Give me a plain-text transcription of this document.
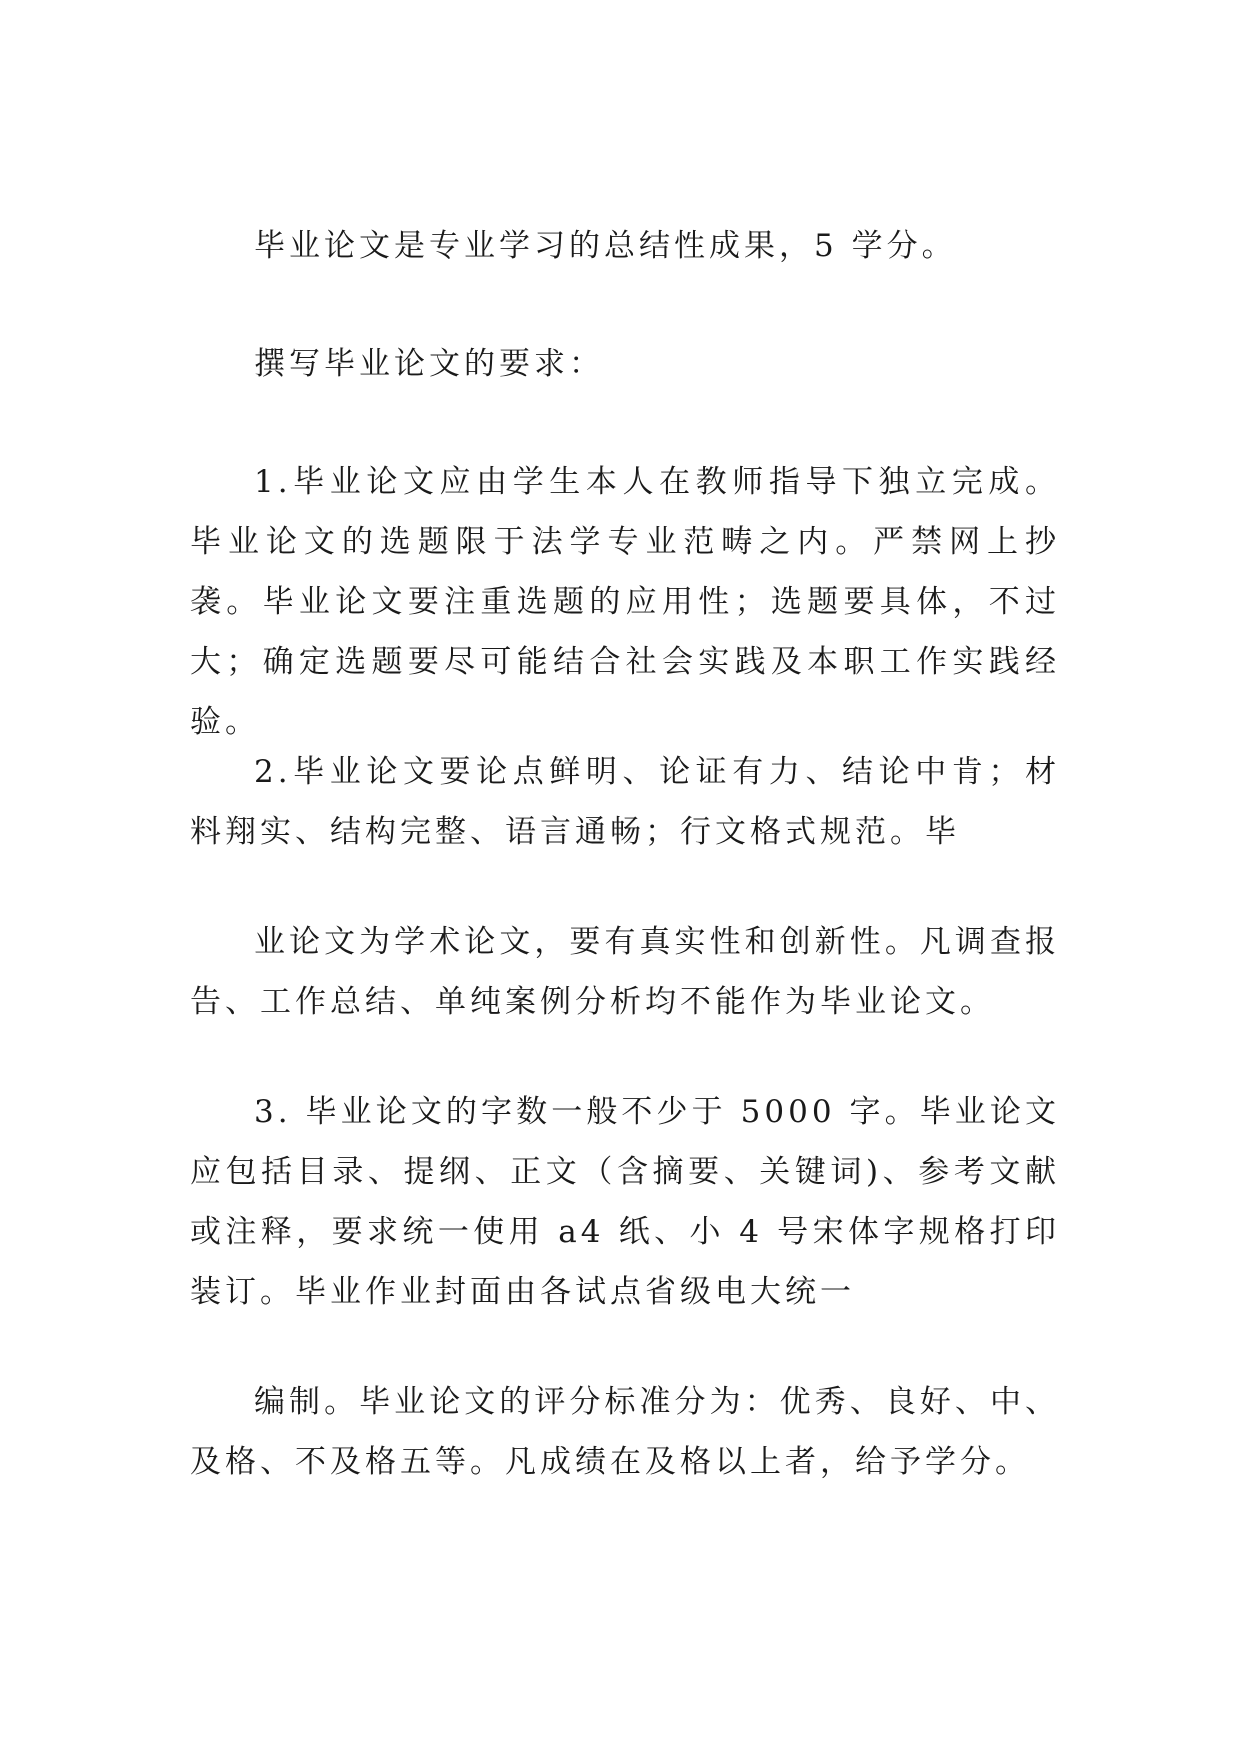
毕业论文是专业学习的总结性成果，5 学分。

撰写毕业论文的要求：

1.毕业论文应由学生本人在教师指导下独立完成。 毕业论文的选题限于法学专业范畴之内。严禁网上抄袭。毕业论文要注重选题的应用性；选题要具体，不过大；确定选题要尽可能结合社会实践及本职工作实践经验。

2.毕业论文要论点鲜明、论证有力、结论中肯；材料翔实、结构完整、语言通畅；行文格式规范。毕

业论文为学术论文，要有真实性和创新性。凡调查报告、工作总结、单纯案例分析均不能作为毕业论文。

3. 毕业论文的字数一般不少于 5000 字。毕业论文应包括目录、提纲、正文（含摘要、关键词)、参考文献或注释，要求统一使用 a4 纸、小 4 号宋体字规格打印装订。毕业作业封面由各试点省级电大统一

编制。毕业论文的评分标准分为：优秀、良好、中、及格、不及格五等。凡成绩在及格以上者，给予学分。
